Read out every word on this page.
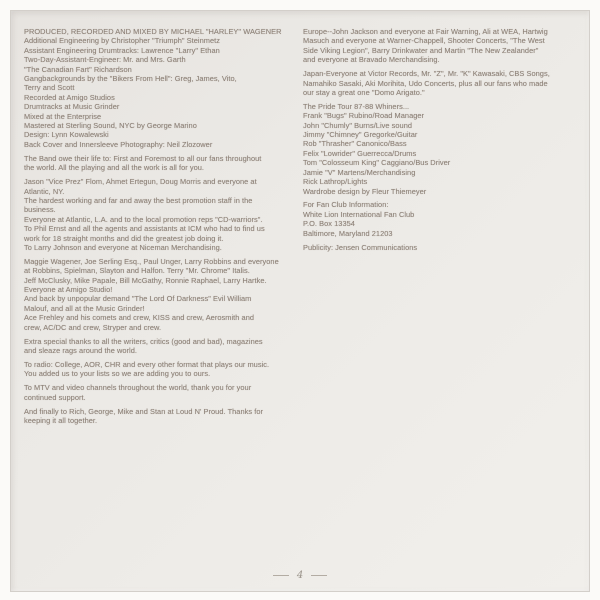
PRODUCED, RECORDED AND MIXED BY MICHAEL "HARLEY" WAGENER
Additional Engineering by Christopher "Triumph" Steinmetz
Assistant Engineering Drumtracks: Lawrence "Larry" Ethan
Two-Day-Assistant-Engineer: Mr. and Mrs. Garth
"The Canadian Fart" Richardson
Gangbackgrounds by the "Bikers From Hell": Greg, James, Vito,
Terry and Scott
Recorded at Amigo Studios
Drumtracks at Music Grinder
Mixed at the Enterprise
Mastered at Sterling Sound, NYC by George Marino
Design: Lynn Kowalewski
Back Cover and Innersleeve Photography: Neil Zlozower
The Band owe their life to: First and Foremost to all our fans throughout
the world. All the playing and all the work is all for you.
Jason "Vice Prez" Flom, Ahmet Ertegun, Doug Morris and everyone at
Atlantic, NY.
The hardest working and far and away the best promotion staff in the
business.
Everyone at Atlantic, L.A. and to the local promotion reps "CD-warriors".
To Phil Ernst and all the agents and assistants at ICM who had to find us
work for 18 straight months and did the greatest job doing it.
To Larry Johnson and everyone at Niceman Merchandising.
Maggie Wagener, Joe Serling Esq., Paul Unger, Larry Robbins and everyone
at Robbins, Spielman, Slayton and Halfon. Terry "Mr. Chrome" Italis.
Jeff McClusky, Mike Papale, Bill McGathy, Ronnie Raphael, Larry Hartke.
Everyone at Amigo Studio!
And back by unpopular demand "The Lord Of Darkness" Evil William
Malouf, and all at the Music Grinder!
Ace Frehley and his comets and crew, KISS and crew, Aerosmith and
crew, AC/DC and crew, Stryper and crew.
Extra special thanks to all the writers, critics (good and bad), magazines
and sleaze rags around the world.
To radio: College, AOR, CHR and every other format that plays our music.
You added us to your lists so we are adding you to ours.
To MTV and video channels throughout the world, thank you for your
continued support.
And finally to Rich, George, Mike and Stan at Loud N' Proud. Thanks for
keeping it all together.
Europe--John Jackson and everyone at Fair Warning, Ali at WEA, Hartwig
Masuch and everyone at Warner-Chappell, Shooter Concerts, "The West
Side Viking Legion", Barry Drinkwater and Martin "The New Zealander"
and everyone at Bravado Merchandising.
Japan-Everyone at Victor Records, Mr. "Z", Mr. "K" Kawasaki, CBS Songs,
Namahiko Sasaki, Aki Morihita, Udo Concerts, plus all our fans who made
our stay a great one "Domo Arigato."
The Pride Tour 87-88 Whiners...
Frank "Bugs" Rubino/Road Manager
John "Chumly" Burns/Live sound
Jimmy "Chimney" Gregorke/Guitar
Rob "Thrasher" Canonico/Bass
Felix "Lowrider" Guerrecca/Drums
Tom "Colosseum King" Caggiano/Bus Driver
Jamie "V" Martens/Merchandising
Rick Lathrop/Lights
Wardrobe design by Fleur Thiemeyer
For Fan Club Information:
White Lion International Fan Club
P.O. Box 13354
Baltimore, Maryland 21203
Publicity: Jensen Communications
4
